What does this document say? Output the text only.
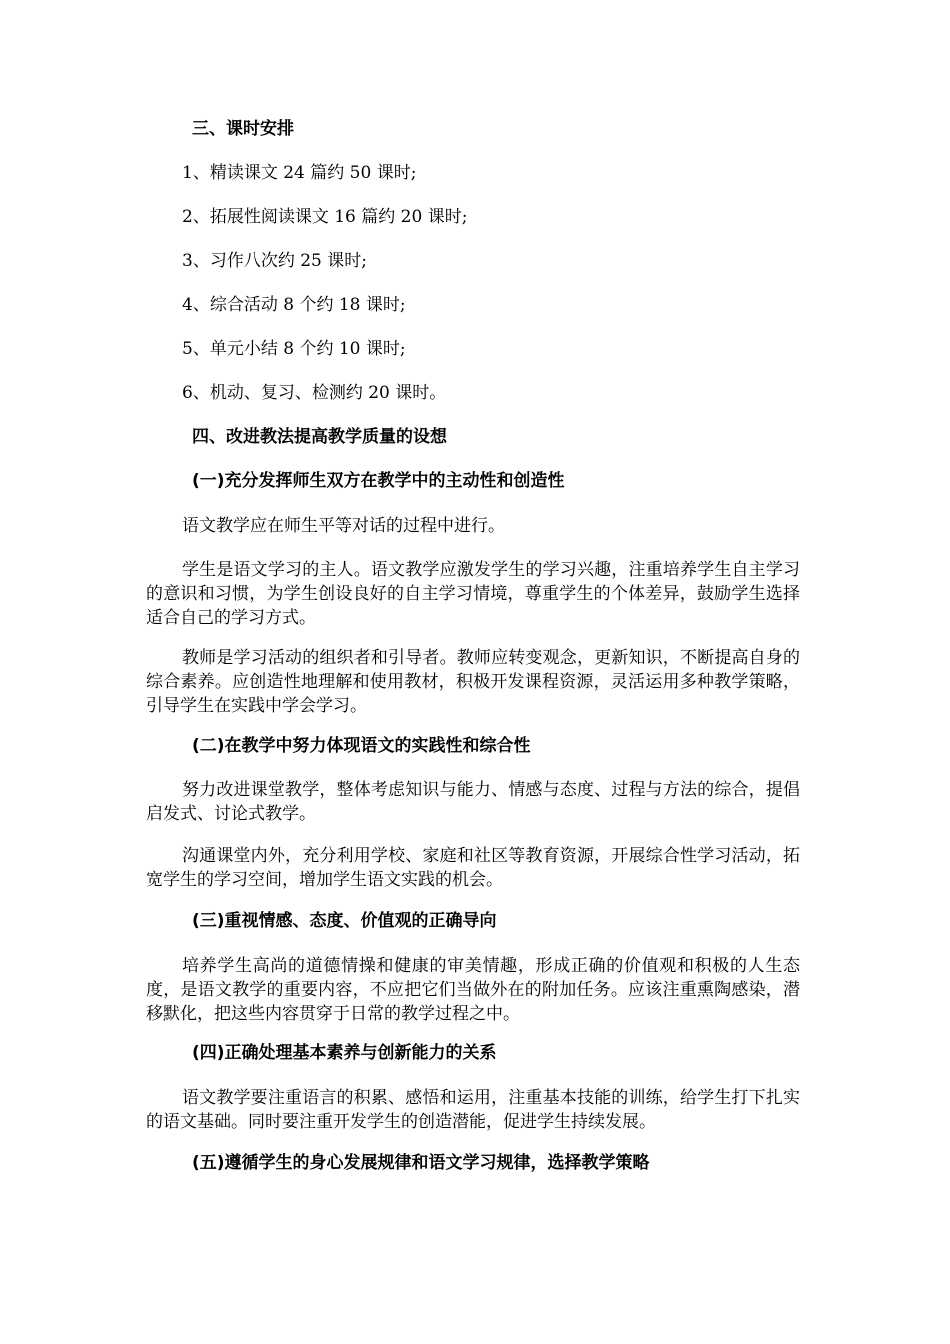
三、课时安排
1、精读课文 24 篇约 50 课时;
2、拓展性阅读课文 16 篇约 20 课时;
3、习作八次约 25 课时;
4、综合活动 8 个约 18 课时;
5、单元小结 8 个约 10 课时;
6、机动、复习、检测约 20 课时。
四、改进教法提高教学质量的设想
(一)充分发挥师生双方在教学中的主动性和创造性
语文教学应在师生平等对话的过程中进行。
学生是语文学习的主人。语文教学应激发学生的学习兴趣，注重培养学生自主学习的意识和习惯，为学生创设良好的自主学习情境，尊重学生的个体差异，鼓励学生选择适合自己的学习方式。
教师是学习活动的组织者和引导者。教师应转变观念，更新知识，不断提高自身的综合素养。应创造性地理解和使用教材，积极开发课程资源，灵活运用多种教学策略，引导学生在实践中学会学习。
(二)在教学中努力体现语文的实践性和综合性
努力改进课堂教学，整体考虑知识与能力、情感与态度、过程与方法的综合，提倡启发式、讨论式教学。
沟通课堂内外，充分利用学校、家庭和社区等教育资源，开展综合性学习活动，拓宽学生的学习空间，增加学生语文实践的机会。
(三)重视情感、态度、价值观的正确导向
培养学生高尚的道德情操和健康的审美情趣，形成正确的价值观和积极的人生态度，是语文教学的重要内容，不应把它们当做外在的附加任务。应该注重熏陶感染，潜移默化，把这些内容贯穿于日常的教学过程之中。
(四)正确处理基本素养与创新能力的关系
语文教学要注重语言的积累、感悟和运用，注重基本技能的训练，给学生打下扎实的语文基础。同时要注重开发学生的创造潜能，促进学生持续发展。
(五)遵循学生的身心发展规律和语文学习规律，选择教学策略
